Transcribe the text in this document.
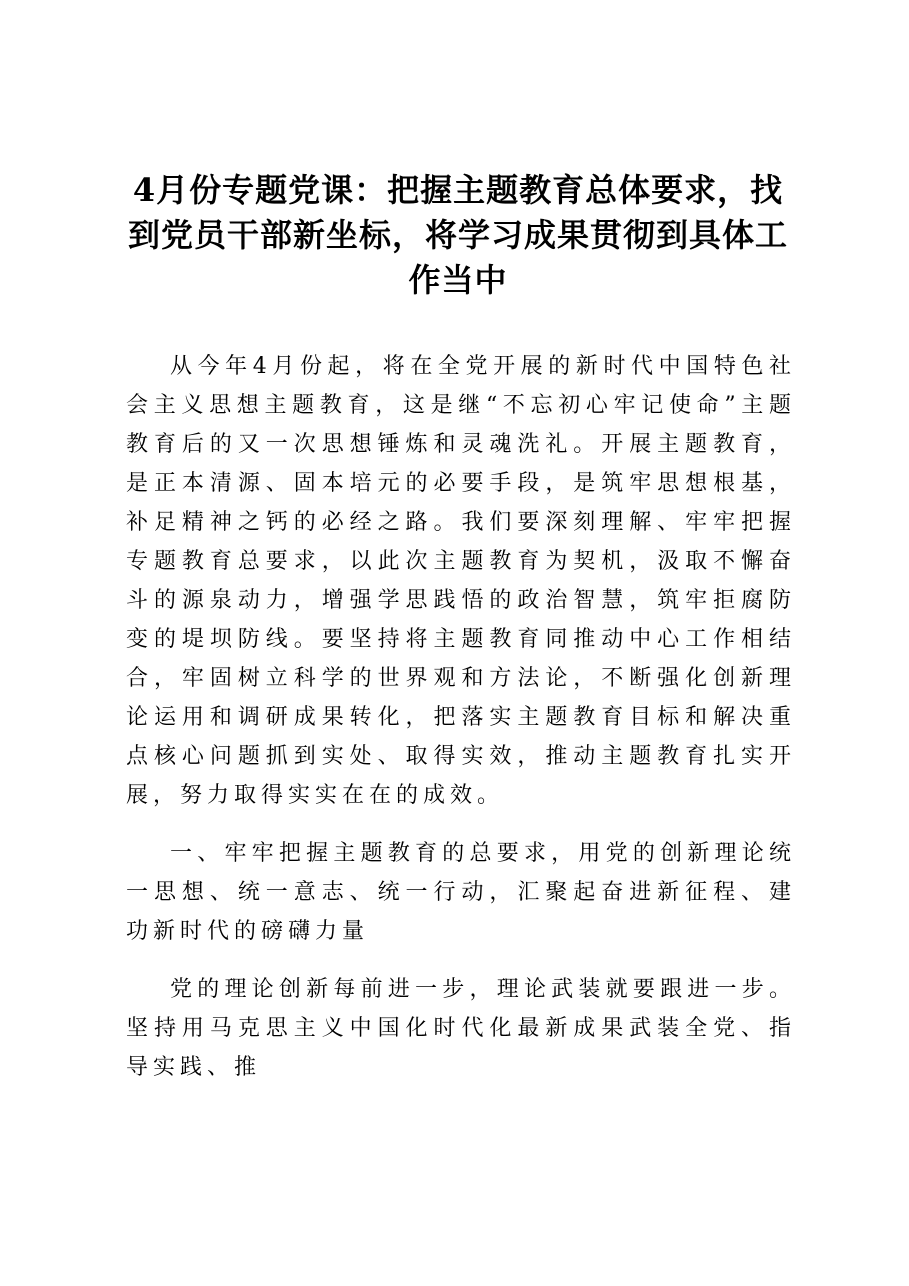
4月份专题党课：把握主题教育总体要求，找到党员干部新坐标，将学习成果贯彻到具体工作当中

从今年4月份起，将在全党开展的新时代中国特色社会主义思想主题教育，这是继“不忘初心牢记使命”主题教育后的又一次思想锤炼和灵魂洗礼。开展主题教育，是正本清源、固本培元的必要手段，是筑牢思想根基，补足精神之钙的必经之路。我们要深刻理解、牢牢把握专题教育总要求，以此次主题教育为契机，汲取不懈奋斗的源泉动力，增强学思践悟的政治智慧，筑牢拒腐防变的堤坝防线。要坚持将主题教育同推动中心工作相结合，牢固树立科学的世界观和方法论，不断强化创新理论运用和调研成果转化，把落实主题教育目标和解决重点核心问题抓到实处、取得实效，推动主题教育扎实开展，努力取得实实在在的成效。

一、牢牢把握主题教育的总要求，用党的创新理论统一思想、统一意志、统一行动，汇聚起奋进新征程、建功新时代的磅礴力量

党的理论创新每前进一步，理论武装就要跟进一步。坚持用马克思主义中国化时代化最新成果武装全党、指导实践、推
